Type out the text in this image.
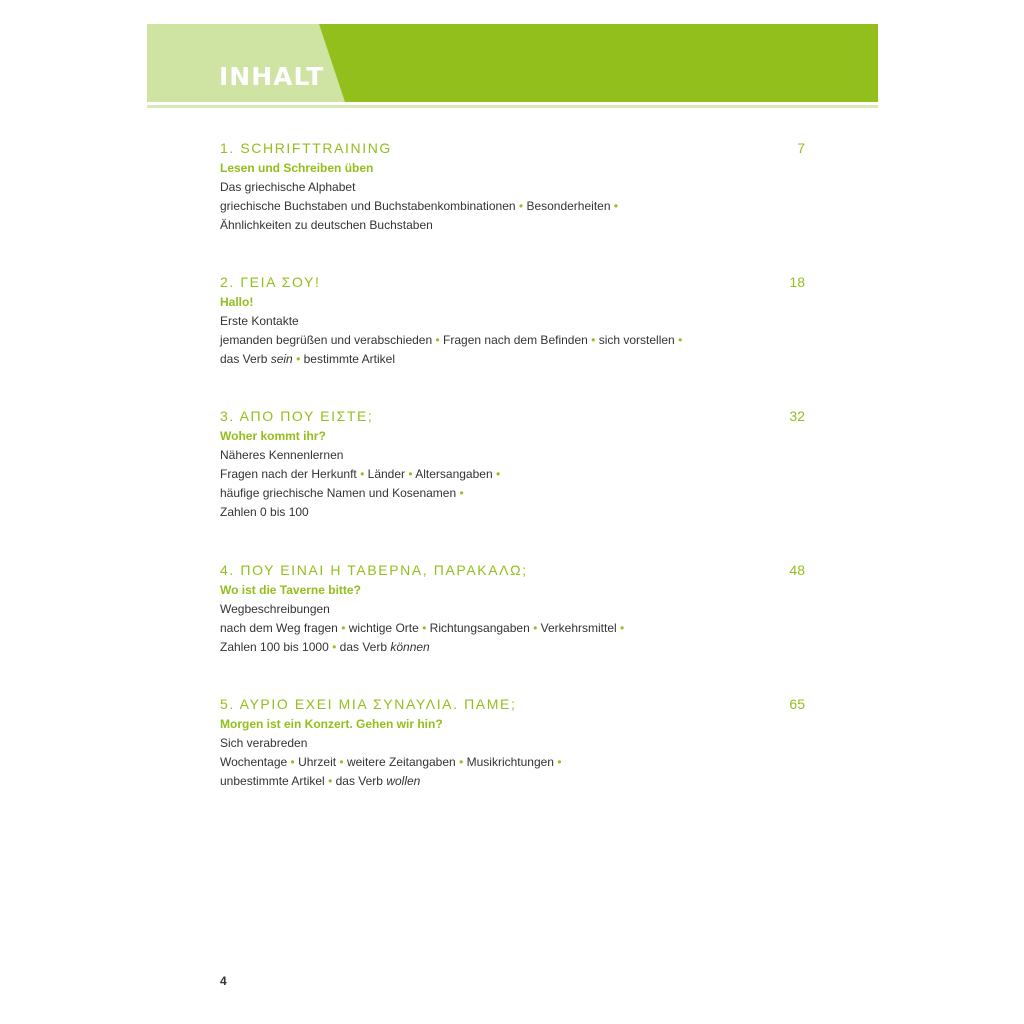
INHALT
1. SCHRIFTTRAINING	7
Lesen und Schreiben üben
Das griechische Alphabet
griechische Buchstaben und Buchstabenkombinationen • Besonderheiten •
Ähnlichkeiten zu deutschen Buchstaben
2. ΓΕΙΑ ΣΟΥ!	18
Hallo!
Erste Kontakte
jemanden begrüßen und verabschieden • Fragen nach dem Befinden • sich vorstellen •
das Verb sein • bestimmte Artikel
3. ΑΠΟ ΠΟΥ ΕΙΣΤΕ;	32
Woher kommt ihr?
Näheres Kennenlernen
Fragen nach der Herkunft • Länder • Altersangaben •
häufige griechische Namen und Kosenamen •
Zahlen 0 bis 100
4. ΠΟΥ ΕΙΝΑΙ Η ΤΑΒΕΡΝΑ, ΠΑΡΑΚΑΛΩ;	48
Wo ist die Taverne bitte?
Wegbeschreibungen
nach dem Weg fragen • wichtige Orte • Richtungsangaben • Verkehrsmittel •
Zahlen 100 bis 1000 • das Verb können
5. ΑΥΡΙΟ ΕΧΕΙ ΜΙΑ ΣΥΝΑΥΛΙΑ. ΠΑΜΕ;	65
Morgen ist ein Konzert. Gehen wir hin?
Sich verabreden
Wochentage • Uhrzeit • weitere Zeitangaben • Musikrichtungen •
unbestimmte Artikel • das Verb wollen
4
